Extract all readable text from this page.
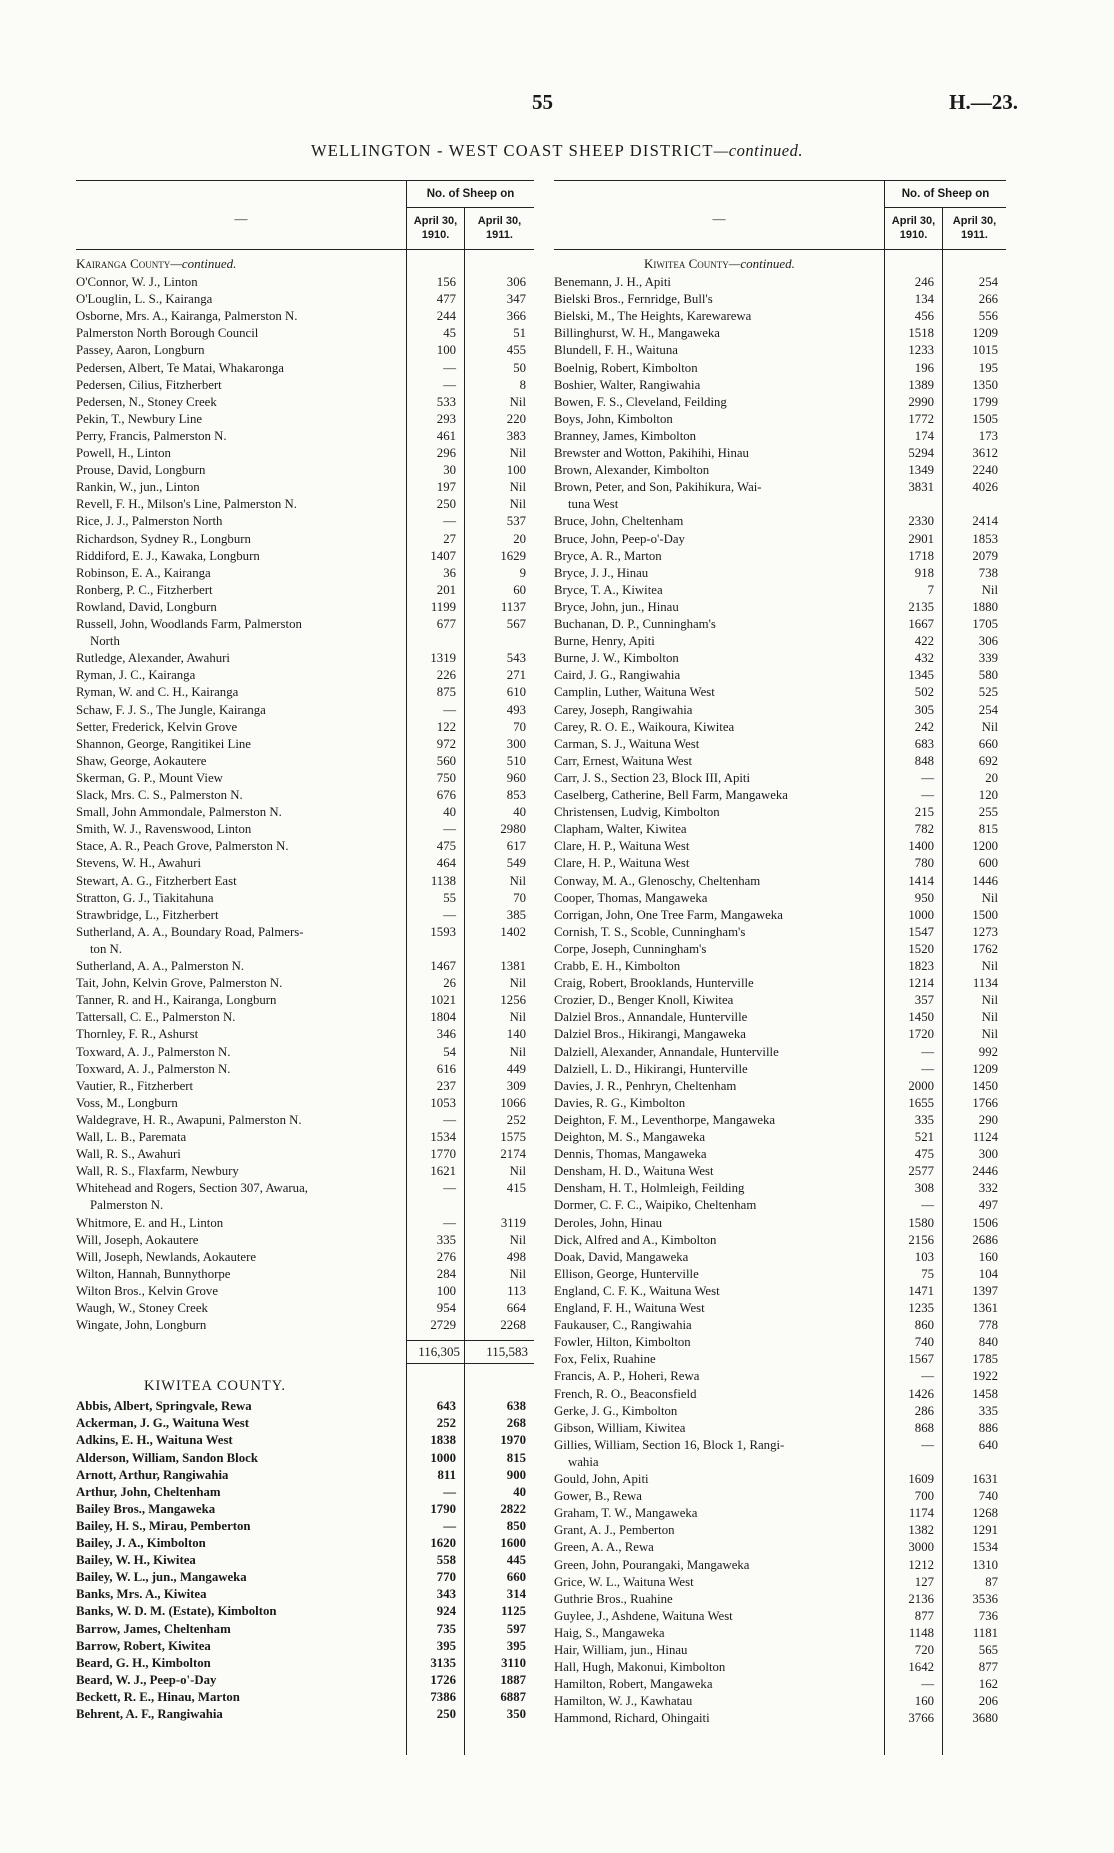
55	H.—23.
WELLINGTON - WEST COAST SHEEP DISTRICT—continued.
—
No. of Sheep on
April 30,
1910.
April 30,
1911.
Kairanga County—continued.
O'Connor, W. J., Linton	156	306
O'Louglin, L. S., Kairanga	477	347
Osborne, Mrs. A., Kairanga, Palmerston N.	244	366
Palmerston North Borough Council	45	51
Passey, Aaron, Longburn	100	455
Pedersen, Albert, Te Matai, Whakaronga	—	50
Pedersen, Cilius, Fitzherbert	—	8
Pedersen, N., Stoney Creek	533	Nil
Pekin, T., Newbury Line	293	220
Perry, Francis, Palmerston N.	461	383
Powell, H., Linton	296	Nil
Prouse, David, Longburn	30	100
Rankin, W., jun., Linton	197	Nil
Revell, F. H., Milson's Line, Palmerston N.	250	Nil
Rice, J. J., Palmerston North	—	537
Richardson, Sydney R., Longburn	27	20
Riddiford, E. J., Kawaka, Longburn	1407	1629
Robinson, E. A., Kairanga	36	9
Ronberg, P. C., Fitzherbert	201	60
Rowland, David, Longburn	1199	1137
Russell, John, Woodlands Farm, Palmerston	677	567
North
Rutledge, Alexander, Awahuri	1319	543
Ryman, J. C., Kairanga	226	271
Ryman, W. and C. H., Kairanga	875	610
Schaw, F. J. S., The Jungle, Kairanga	—	493
Setter, Frederick, Kelvin Grove	122	70
Shannon, George, Rangitikei Line	972	300
Shaw, George, Aokautere	560	510
Skerman, G. P., Mount View	750	960
Slack, Mrs. C. S., Palmerston N.	676	853
Small, John Ammondale, Palmerston N.	40	40
Smith, W. J., Ravenswood, Linton	—	2980
Stace, A. R., Peach Grove, Palmerston N.	475	617
Stevens, W. H., Awahuri	464	549
Stewart, A. G., Fitzherbert East	1138	Nil
Stratton, G. J., Tiakitahuna	55	70
Strawbridge, L., Fitzherbert	—	385
Sutherland, A. A., Boundary Road, Palmers-	1593	1402
ton N.
Sutherland, A. A., Palmerston N.	1467	1381
Tait, John, Kelvin Grove, Palmerston N.	26	Nil
Tanner, R. and H., Kairanga, Longburn	1021	1256
Tattersall, C. E., Palmerston N.	1804	Nil
Thornley, F. R., Ashurst	346	140
Toxward, A. J., Palmerston N.	54	Nil
Toxward, A. J., Palmerston N.	616	449
Vautier, R., Fitzherbert	237	309
Voss, M., Longburn	1053	1066
Waldegrave, H. R., Awapuni, Palmerston N.	—	252
Wall, L. B., Paremata	1534	1575
Wall, R. S., Awahuri	1770	2174
Wall, R. S., Flaxfarm, Newbury	1621	Nil
Whitehead and Rogers, Section 307, Awarua,	—	415
Palmerston N.
Whitmore, E. and H., Linton	—	3119
Will, Joseph, Aokautere	335	Nil
Will, Joseph, Newlands, Aokautere	276	498
Wilton, Hannah, Bunnythorpe	284	Nil
Wilton Bros., Kelvin Grove	100	113
Waugh, W., Stoney Creek	954	664
Wingate, John, Longburn	2729	2268
116,305	115,583
KIWITEA COUNTY.
Abbis, Albert, Springvale, Rewa	643	638
Ackerman, J. G., Waituna West	252	268
Adkins, E. H., Waituna West	1838	1970
Alderson, William, Sandon Block	1000	815
Arnott, Arthur, Rangiwahia	811	900
Arthur, John, Cheltenham	—	40
Bailey Bros., Mangaweka	1790	2822
Bailey, H. S., Mirau, Pemberton	—	850
Bailey, J. A., Kimbolton	1620	1600
Bailey, W. H., Kiwitea	558	445
Bailey, W. L., jun., Mangaweka	770	660
Banks, Mrs. A., Kiwitea	343	314
Banks, W. D. M. (Estate), Kimbolton	924	1125
Barrow, James, Cheltenham	735	597
Barrow, Robert, Kiwitea	395	395
Beard, G. H., Kimbolton	3135	3110
Beard, W. J., Peep-o'-Day	1726	1887
Beckett, R. E., Hinau, Marton	7386	6887
Behrent, A. F., Rangiwahia	250	350
—
No. of Sheep on
April 30,
1910.
April 30,
1911.
Kiwitea County—continued.
Benemann, J. H., Apiti	246	254
Bielski Bros., Fernridge, Bull's	134	266
Bielski, M., The Heights, Karewarewa	456	556
Billinghurst, W. H., Mangaweka	1518	1209
Blundell, F. H., Waituna	1233	1015
Boelnig, Robert, Kimbolton	196	195
Boshier, Walter, Rangiwahia	1389	1350
Bowen, F. S., Cleveland, Feilding	2990	1799
Boys, John, Kimbolton	1772	1505
Branney, James, Kimbolton	174	173
Brewster and Wotton, Pakihihi, Hinau	5294	3612
Brown, Alexander, Kimbolton	1349	2240
Brown, Peter, and Son, Pakihikura, Wai-	3831	4026
tuna West
Bruce, John, Cheltenham	2330	2414
Bruce, John, Peep-o'-Day	2901	1853
Bryce, A. R., Marton	1718	2079
Bryce, J. J., Hinau	918	738
Bryce, T. A., Kiwitea	7	Nil
Bryce, John, jun., Hinau	2135	1880
Buchanan, D. P., Cunningham's	1667	1705
Burne, Henry, Apiti	422	306
Burne, J. W., Kimbolton	432	339
Caird, J. G., Rangiwahia	1345	580
Camplin, Luther, Waituna West	502	525
Carey, Joseph, Rangiwahia	305	254
Carey, R. O. E., Waikoura, Kiwitea	242	Nil
Carman, S. J., Waituna West	683	660
Carr, Ernest, Waituna West	848	692
Carr, J. S., Section 23, Block III, Apiti	—	20
Caselberg, Catherine, Bell Farm, Mangaweka	—	120
Christensen, Ludvig, Kimbolton	215	255
Clapham, Walter, Kiwitea	782	815
Clare, H. P., Waituna West	1400	1200
Clare, H. P., Waituna West	780	600
Conway, M. A., Glenoschy, Cheltenham	1414	1446
Cooper, Thomas, Mangaweka	950	Nil
Corrigan, John, One Tree Farm, Mangaweka	1000	1500
Cornish, T. S., Scoble, Cunningham's	1547	1273
Corpe, Joseph, Cunningham's	1520	1762
Crabb, E. H., Kimbolton	1823	Nil
Craig, Robert, Brooklands, Hunterville	1214	1134
Crozier, D., Benger Knoll, Kiwitea	357	Nil
Dalziel Bros., Annandale, Hunterville	1450	Nil
Dalziel Bros., Hikirangi, Mangaweka	1720	Nil
Dalziell, Alexander, Annandale, Hunterville	—	992
Dalziell, L. D., Hikirangi, Hunterville	—	1209
Davies, J. R., Penhryn, Cheltenham	2000	1450
Davies, R. G., Kimbolton	1655	1766
Deighton, F. M., Leventhorpe, Mangaweka	335	290
Deighton, M. S., Mangaweka	521	1124
Dennis, Thomas, Mangaweka	475	300
Densham, H. D., Waituna West	2577	2446
Densham, H. T., Holmleigh, Feilding	308	332
Dormer, C. F. C., Waipiko, Cheltenham	—	497
Deroles, John, Hinau	1580	1506
Dick, Alfred and A., Kimbolton	2156	2686
Doak, David, Mangaweka	103	160
Ellison, George, Hunterville	75	104
England, C. F. K., Waituna West	1471	1397
England, F. H., Waituna West	1235	1361
Faukauser, C., Rangiwahia	860	778
Fowler, Hilton, Kimbolton	740	840
Fox, Felix, Ruahine	1567	1785
Francis, A. P., Hoheri, Rewa	—	1922
French, R. O., Beaconsfield	1426	1458
Gerke, J. G., Kimbolton	286	335
Gibson, William, Kiwitea	868	886
Gillies, William, Section 16, Block 1, Rangi-	—	640
wahia
Gould, John, Apiti	1609	1631
Gower, B., Rewa	700	740
Graham, T. W., Mangaweka	1174	1268
Grant, A. J., Pemberton	1382	1291
Green, A. A., Rewa	3000	1534
Green, John, Pourangaki, Mangaweka	1212	1310
Grice, W. L., Waituna West	127	87
Guthrie Bros., Ruahine	2136	3536
Guylee, J., Ashdene, Waituna West	877	736
Haig, S., Mangaweka	1148	1181
Hair, William, jun., Hinau	720	565
Hall, Hugh, Makonui, Kimbolton	1642	877
Hamilton, Robert, Mangaweka	—	162
Hamilton, W. J., Kawhatau	160	206
Hammond, Richard, Ohingaiti	3766	3680
